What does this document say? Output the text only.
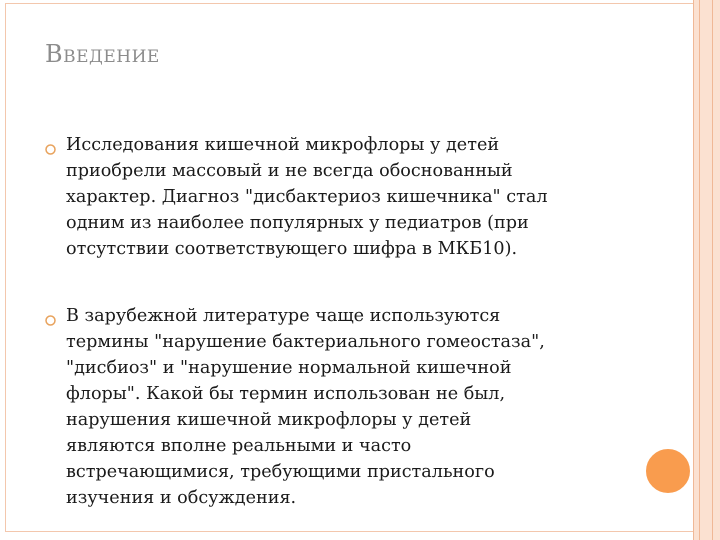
ВВЕДЕНИЕ
Исследования кишечной микрофлоры у детей
приобрели массовый и не всегда обоснованный
характер. Диагноз "дисбактериоз кишечника" стал
одним из наиболее популярных у педиатров (при
отсутствии соответствующего шифра в МКБ10).
В зарубежной литературе чаще используются
термины "нарушение бактериального гомеостаза",
"дисбиоз" и "нарушение нормальной кишечной
флоры". Какой бы термин использован не был,
нарушения кишечной микрофлоры у детей
являются вполне реальными и часто
встречающимися, требующими пристального
изучения и обсуждения.
